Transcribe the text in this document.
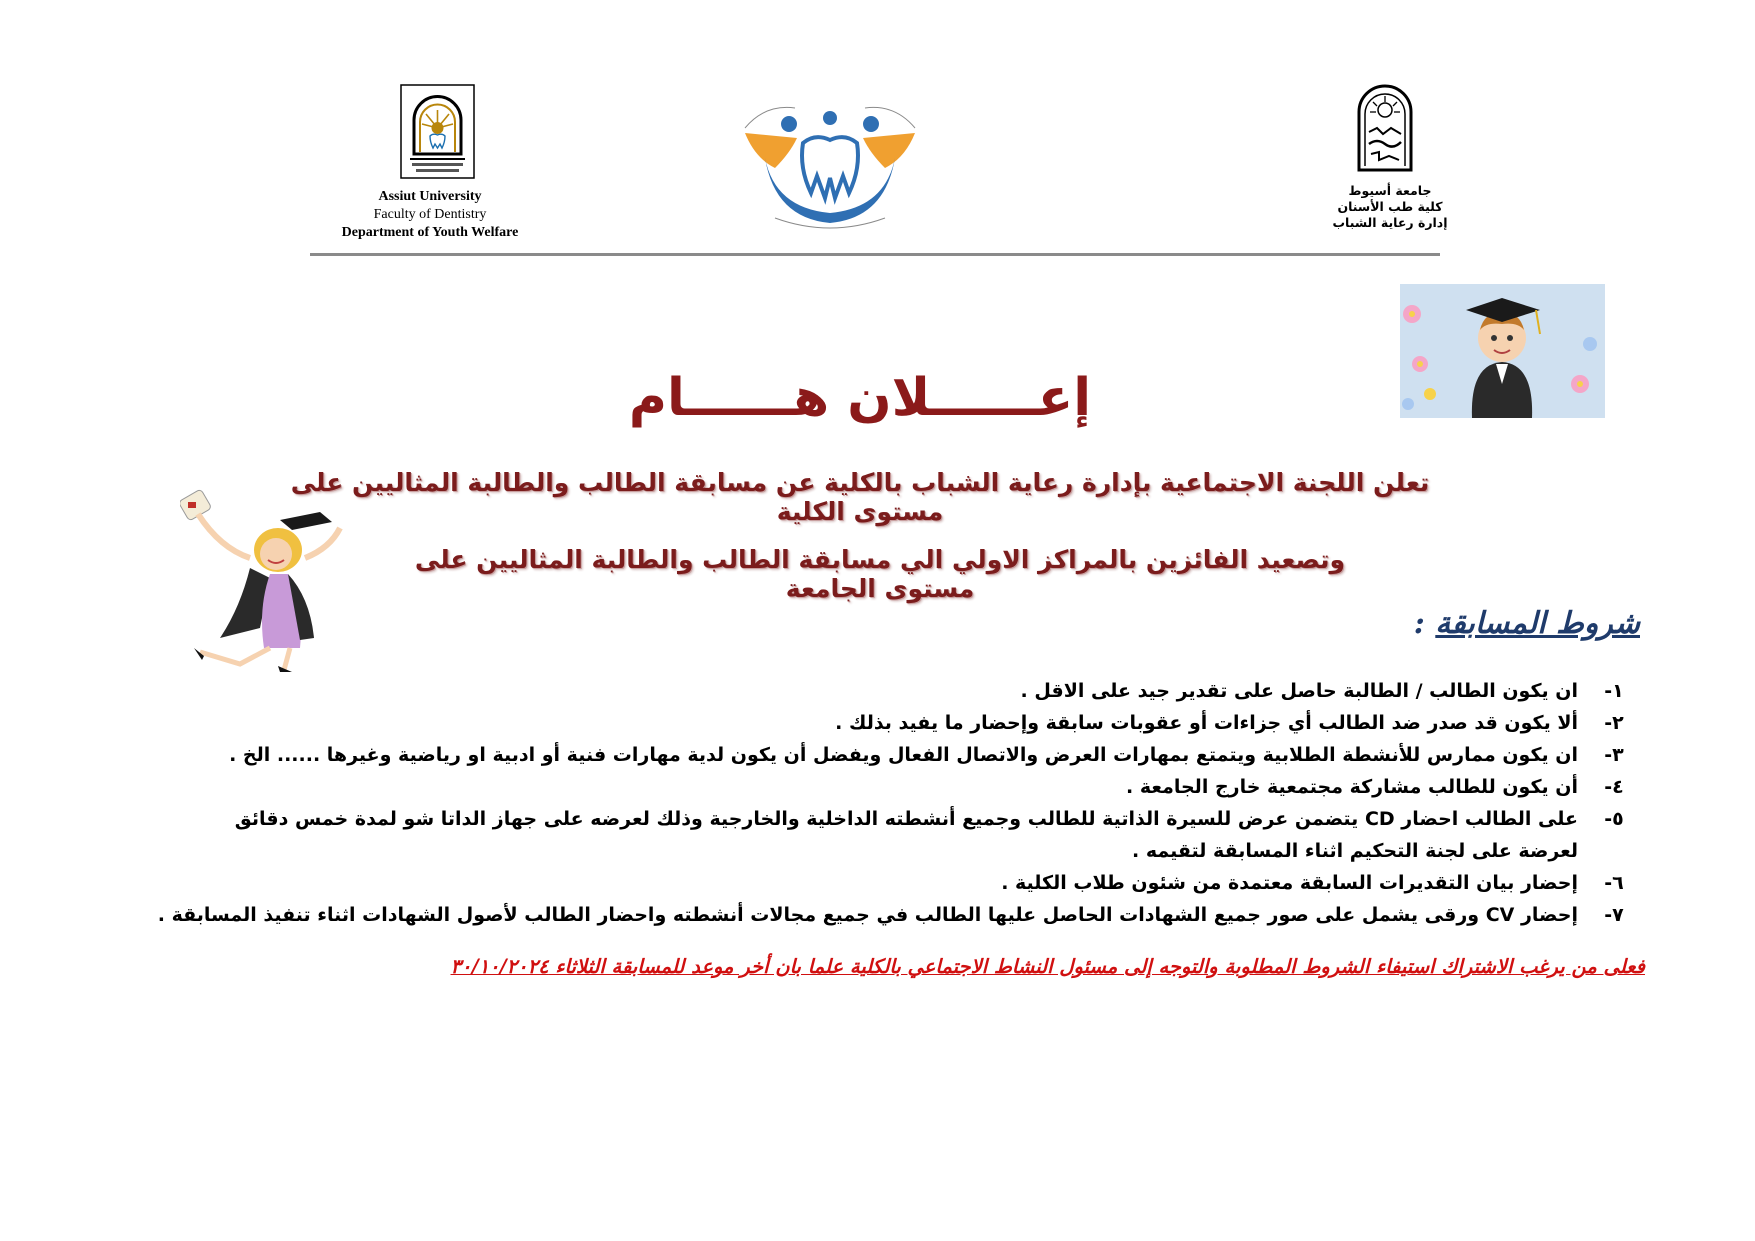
Assiut University
Faculty of Dentistry
Department of Youth Welfare
جامعة أسيوط
كلية طب الأسنان
إدارة رعاية الشباب
إعــــــلان هــــــام
تعلن اللجنة الاجتماعية بإدارة رعاية الشباب بالكلية عن مسابقة الطالب والطالبة المثاليين على مستوى الكلية
وتصعيد الفائزين بالمراكز الاولي الي مسابقة الطالب والطالبة المثاليين على مستوى الجامعة
شروط المسابقة :
١-
ان يكون الطالب / الطالبة حاصل على تقدير جيد على الاقل .
٢-
ألا يكون قد صدر ضد الطالب أي جزاءات أو عقوبات سابقة وإحضار ما يفيد بذلك .
٣-
ان يكون ممارس للأنشطة الطلابية ويتمتع بمهارات العرض والاتصال الفعال ويفضل أن يكون لدية مهارات فنية أو ادبية او رياضية وغيرها ...... الخ .
٤-
أن يكون للطالب مشاركة مجتمعية خارج الجامعة .
٥-
على الطالب احضار CD يتضمن عرض للسيرة الذاتية للطالب وجميع أنشطته الداخلية والخارجية وذلك لعرضه على جهاز الداتا شو لمدة خمس دقائق
لعرضة على لجنة التحكيم اثناء المسابقة لتقيمه .
٦-
إحضار بيان التقديرات السابقة معتمدة من شئون طلاب الكلية .
٧-
إحضار CV ورقى يشمل على صور جميع الشهادات الحاصل عليها الطالب في جميع مجالات أنشطته واحضار الطالب لأصول الشهادات اثناء تنفيذ المسابقة .
فعلى من يرغب الاشتراك استيفاء الشروط المطلوبة والتوجه إلى مسئول النشاط الاجتماعي بالكلية علما بان أخر موعد للمسابقة الثلاثاء ٣٠/١٠/٢٠٢٤
